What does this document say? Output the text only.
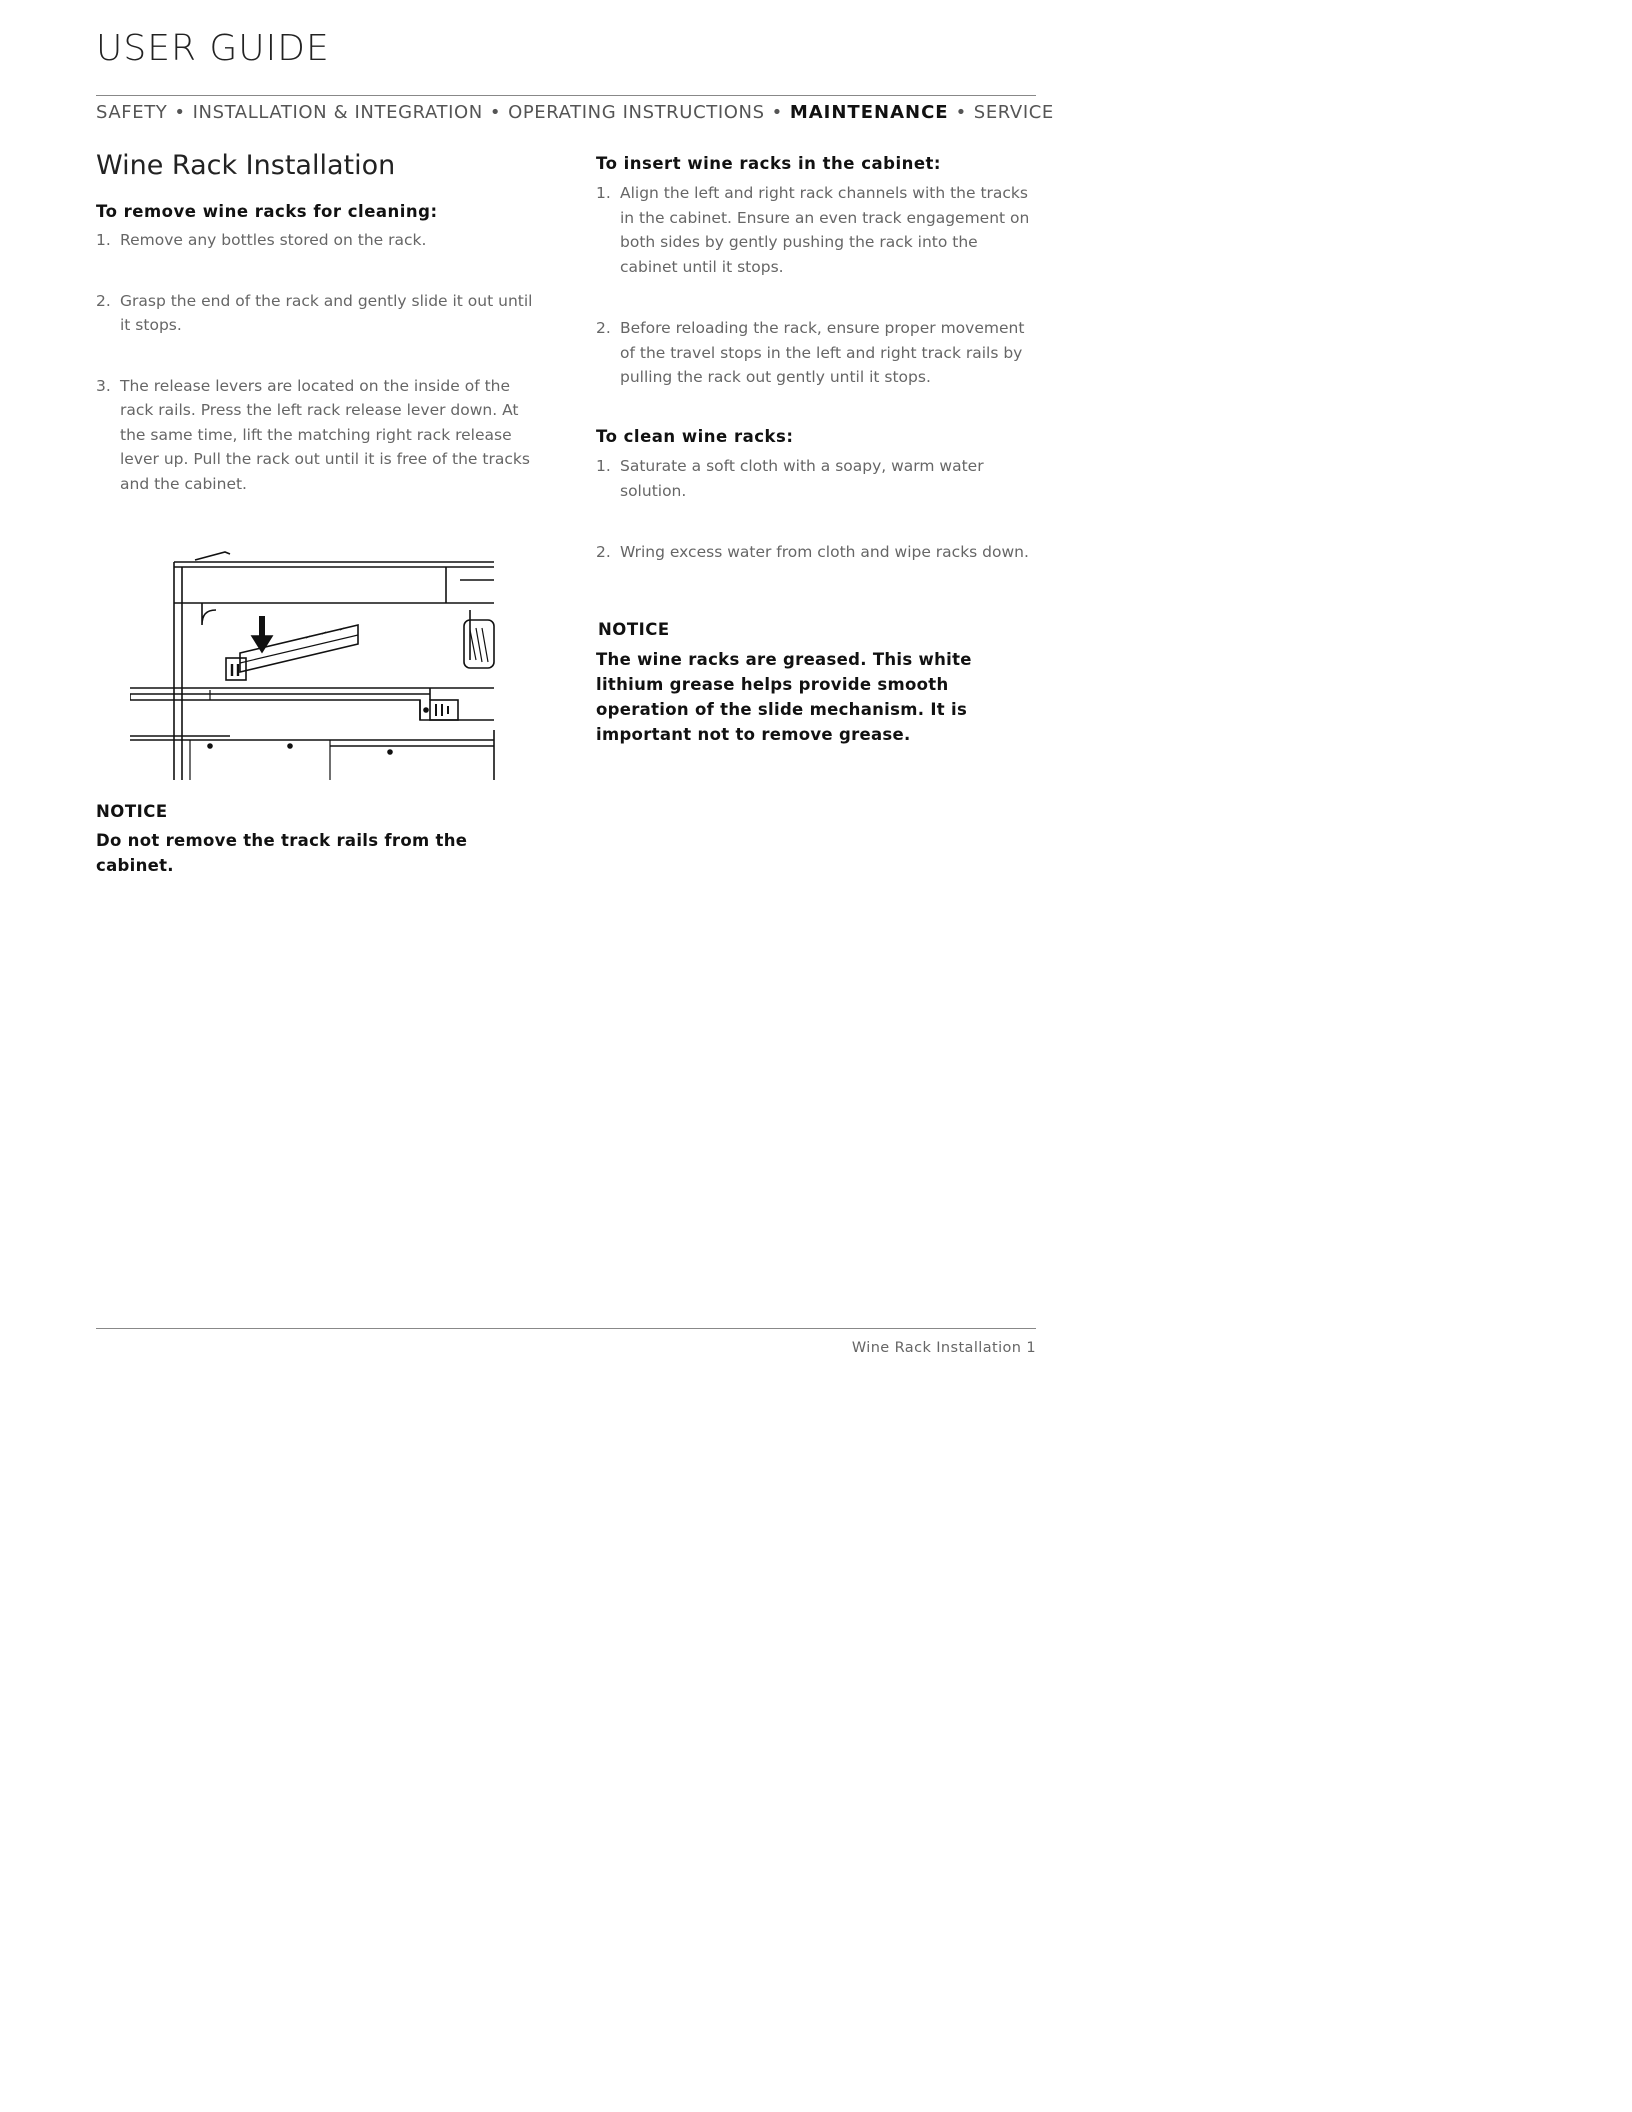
USER GUIDE
SAFETY • INSTALLATION & INTEGRATION • OPERATING INSTRUCTIONS • MAINTENANCE • SERVICE
Wine Rack Installation
To remove wine racks for cleaning:
1. Remove any bottles stored on the rack.
2. Grasp the end of the rack and gently slide it out until it stops.
3. The release levers are located on the inside of the rack rails. Press the left rack release lever down. At the same time, lift the matching right rack release lever up. Pull the rack out until it is free of the tracks and the cabinet.
NOTICE
Do not remove the track rails from the cabinet.
To insert wine racks in the cabinet:
1. Align the left and right rack channels with the tracks in the cabinet. Ensure an even track engagement on both sides by gently pushing the rack into the cabinet until it stops.
2. Before reloading the rack, ensure proper movement of the travel stops in the left and right track rails by pulling the rack out gently until it stops.
To clean wine racks:
1. Saturate a soft cloth with a soapy, warm water solution.
2. Wring excess water from cloth and wipe racks down.
NOTICE
The wine racks are greased. This white lithium grease helps provide smooth operation of the slide mechanism. It is important not to remove grease.
Wine Rack Installation 1
